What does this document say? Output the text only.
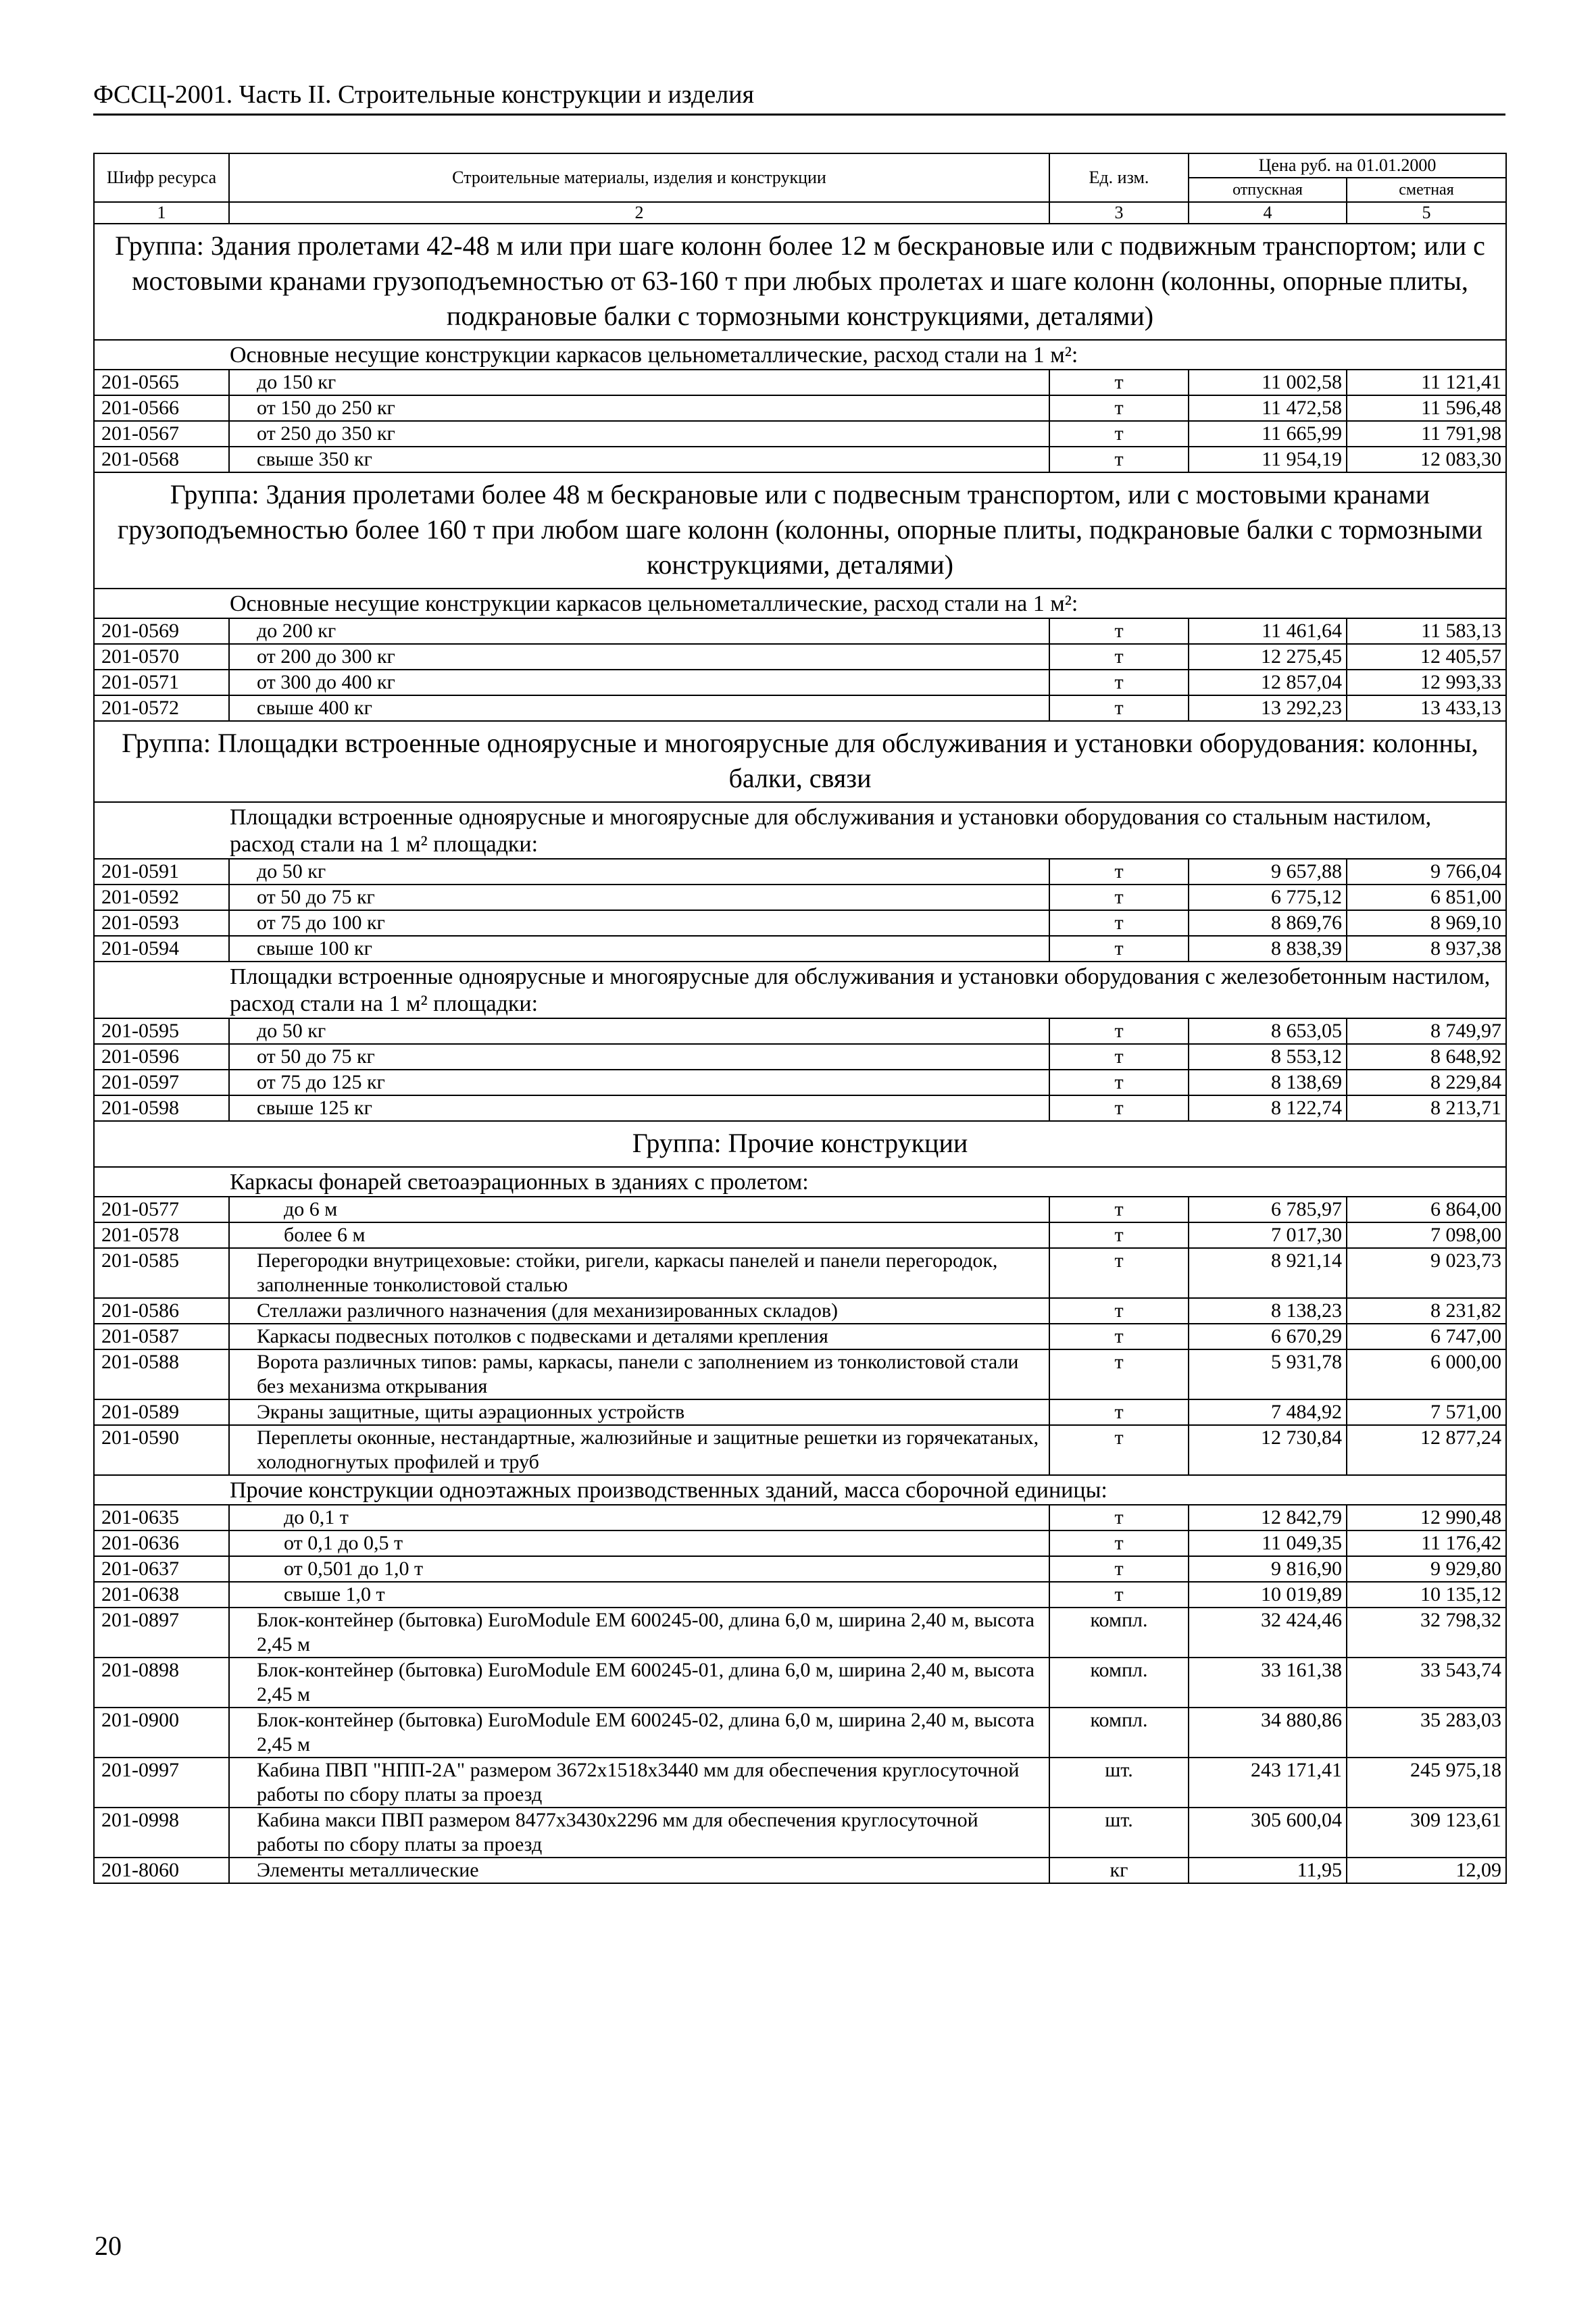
ФССЦ-2001. Часть II. Строительные конструкции и изделия
Шифр ресурса	Строительные материалы, изделия и конструкции	Ед. изм.	Цена руб. на 01.01.2000	
			отпускная	сметная
1	2	3	4	5
Группа: Здания пролетами 42-48 м или при шаге колонн более 12 м бескрановые или с подвижным транспортом; или с мостовыми кранами грузоподъемностью от 63-160 т при любых пролетах и шаге колонн (колонны, опорные плиты, подкрановые балки с тормозными конструкциями, деталями)				
Основные несущие конструкции каркасов цельнометаллические, расход стали на 1 м²:				
201-0565	до 150 кг	т	11 002,58	11 121,41
201-0566	от 150 до 250 кг	т	11 472,58	11 596,48
201-0567	от 250 до 350 кг	т	11 665,99	11 791,98
201-0568	свыше 350 кг	т	11 954,19	12 083,30
Группа: Здания пролетами более 48 м бескрановые или с подвесным транспортом, или с мостовыми кранами грузоподъемностью более 160 т при любом шаге колонн (колонны, опорные плиты, подкрановые балки с тормозными конструкциями, деталями)				
Основные несущие конструкции каркасов цельнометаллические, расход стали на 1 м²:				
201-0569	до 200 кг	т	11 461,64	11 583,13
201-0570	от 200 до 300 кг	т	12 275,45	12 405,57
201-0571	от 300 до 400 кг	т	12 857,04	12 993,33
201-0572	свыше 400 кг	т	13 292,23	13 433,13
Группа: Площадки встроенные одноярусные и многоярусные для обслуживания и установки оборудования: колонны, балки, связи				
Площадки встроенные одноярусные и многоярусные для обслуживания и установки оборудования со стальным настилом, расход стали на 1 м² площадки:				
201-0591	до 50 кг	т	9 657,88	9 766,04
201-0592	от 50 до 75 кг	т	6 775,12	6 851,00
201-0593	от 75 до 100 кг	т	8 869,76	8 969,10
201-0594	свыше 100 кг	т	8 838,39	8 937,38
Площадки встроенные одноярусные и многоярусные для обслуживания и установки оборудования с железобетонным настилом, расход стали на 1 м² площадки:				
201-0595	до 50 кг	т	8 653,05	8 749,97
201-0596	от 50 до 75 кг	т	8 553,12	8 648,92
201-0597	от 75 до 125 кг	т	8 138,69	8 229,84
201-0598	свыше 125 кг	т	8 122,74	8 213,71
Группа: Прочие конструкции				
Каркасы фонарей светоаэрационных в зданиях с пролетом:				
201-0577	до 6 м	т	6 785,97	6 864,00
201-0578	более 6 м	т	7 017,30	7 098,00
201-0585	Перегородки внутрицеховые: стойки, ригели, каркасы панелей и панели перегородок, заполненные тонколистовой сталью	т	8 921,14	9 023,73
201-0586	Стеллажи различного назначения (для механизированных складов)	т	8 138,23	8 231,82
201-0587	Каркасы подвесных потолков с подвесками и деталями крепления	т	6 670,29	6 747,00
201-0588	Ворота различных типов: рамы, каркасы, панели с заполнением из тонколистовой стали без механизма открывания	т	5 931,78	6 000,00
201-0589	Экраны защитные, щиты аэрационных устройств	т	7 484,92	7 571,00
201-0590	Переплеты оконные, нестандартные, жалюзийные и защитные решетки из горячекатаных, холодногнутых профилей и труб	т	12 730,84	12 877,24
Прочие конструкции одноэтажных производственных зданий, масса сборочной единицы:				
201-0635	до 0,1 т	т	12 842,79	12 990,48
201-0636	от 0,1 до 0,5 т	т	11 049,35	11 176,42
201-0637	от 0,501 до 1,0 т	т	9 816,90	9 929,80
201-0638	свыше 1,0 т	т	10 019,89	10 135,12
201-0897	Блок-контейнер (бытовка) EuroModule ЕМ 600245-00, длина 6,0 м, ширина 2,40 м, высота 2,45 м	компл.	32 424,46	32 798,32
201-0898	Блок-контейнер (бытовка) EuroModule ЕМ 600245-01, длина 6,0 м, ширина 2,40 м, высота 2,45 м	компл.	33 161,38	33 543,74
201-0900	Блок-контейнер (бытовка) EuroModule ЕМ 600245-02, длина 6,0 м, ширина 2,40 м, высота 2,45 м	компл.	34 880,86	35 283,03
201-0997	Кабина ПВП "НПП-2А" размером 3672х1518х3440 мм для обеспечения круглосуточной работы по сбору платы за проезд	шт.	243 171,41	245 975,18
201-0998	Кабина макси ПВП размером 8477х3430х2296 мм для обеспечения круглосуточной работы по сбору платы за проезд	шт.	305 600,04	309 123,61
201-8060	Элементы металлические	кг	11,95	12,09
20
